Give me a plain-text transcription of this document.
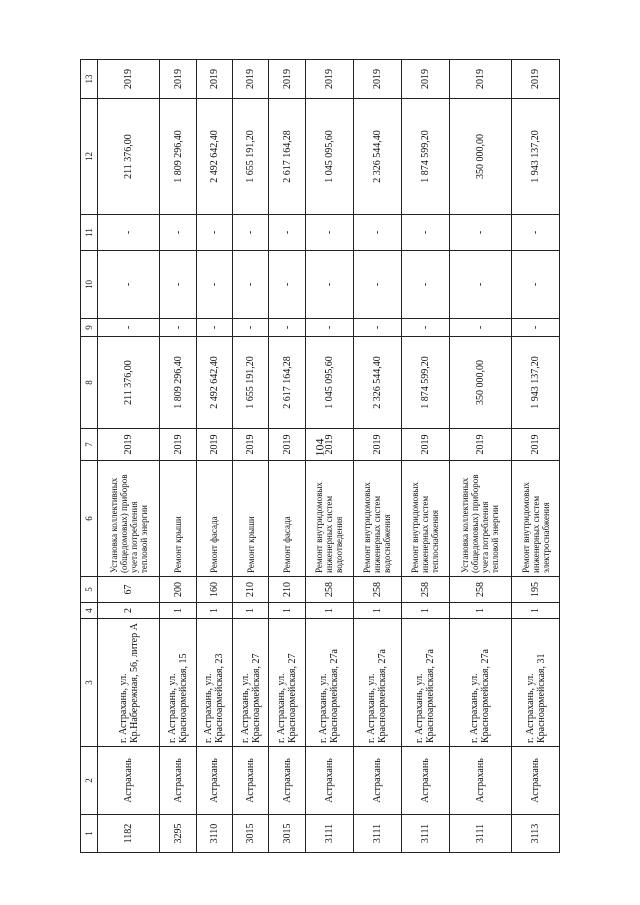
104
1	2	3	4	5	6	7	8	9	10	11	12	13
1182	Астрахань	г. Астрахань, ул. Кр.Набережная, 56, литер А	2	67	Установка коллективных (общедомовых) приборов учета потребления тепловой энергии	2019	211 376,00	-	-	-	211 376,00	2019
3295	Астрахань	г. Астрахань, ул. Красноармейская, 15	1	200	Ремонт крыши	2019	1 809 296,40	-	-	-	1 809 296,40	2019
3110	Астрахань	г. Астрахань, ул. Красноармейская, 23	1	160	Ремонт фасада	2019	2 492 642,40	-	-	-	2 492 642,40	2019
3015	Астрахань	г. Астрахань, ул. Красноармейская, 27	1	210	Ремонт крыши	2019	1 655 191,20	-	-	-	1 655 191,20	2019
3015	Астрахань	г. Астрахань, ул. Красноармейская, 27	1	210	Ремонт фасада	2019	2 617 164,28	-	-	-	2 617 164,28	2019
3111	Астрахань	г. Астрахань, ул. Красноармейская, 27а	1	258	Ремонт внутридомовых инженерных систем водоотведения	2019	1 045 095,60	-	-	-	1 045 095,60	2019
3111	Астрахань	г. Астрахань, ул. Красноармейская, 27а	1	258	Ремонт внутридомовых инженерных систем водоснабжения	2019	2 326 544,40	-	-	-	2 326 544,40	2019
3111	Астрахань	г. Астрахань, ул. Красноармейская, 27а	1	258	Ремонт внутридомовых инженерных систем теплоснабжения	2019	1 874 599,20	-	-	-	1 874 599,20	2019
3111	Астрахань	г. Астрахань, ул. Красноармейская, 27а	1	258	Установка коллективных (общедомовых) приборов учета потребления тепловой энергии	2019	350 000,00	-	-	-	350 000,00	2019
3113	Астрахань	г. Астрахань, ул. Красноармейская, 31	1	195	Ремонт внутридомовых инженерных систем электроснабжения	2019	1 943 137,20	-	-	-	1 943 137,20	2019
